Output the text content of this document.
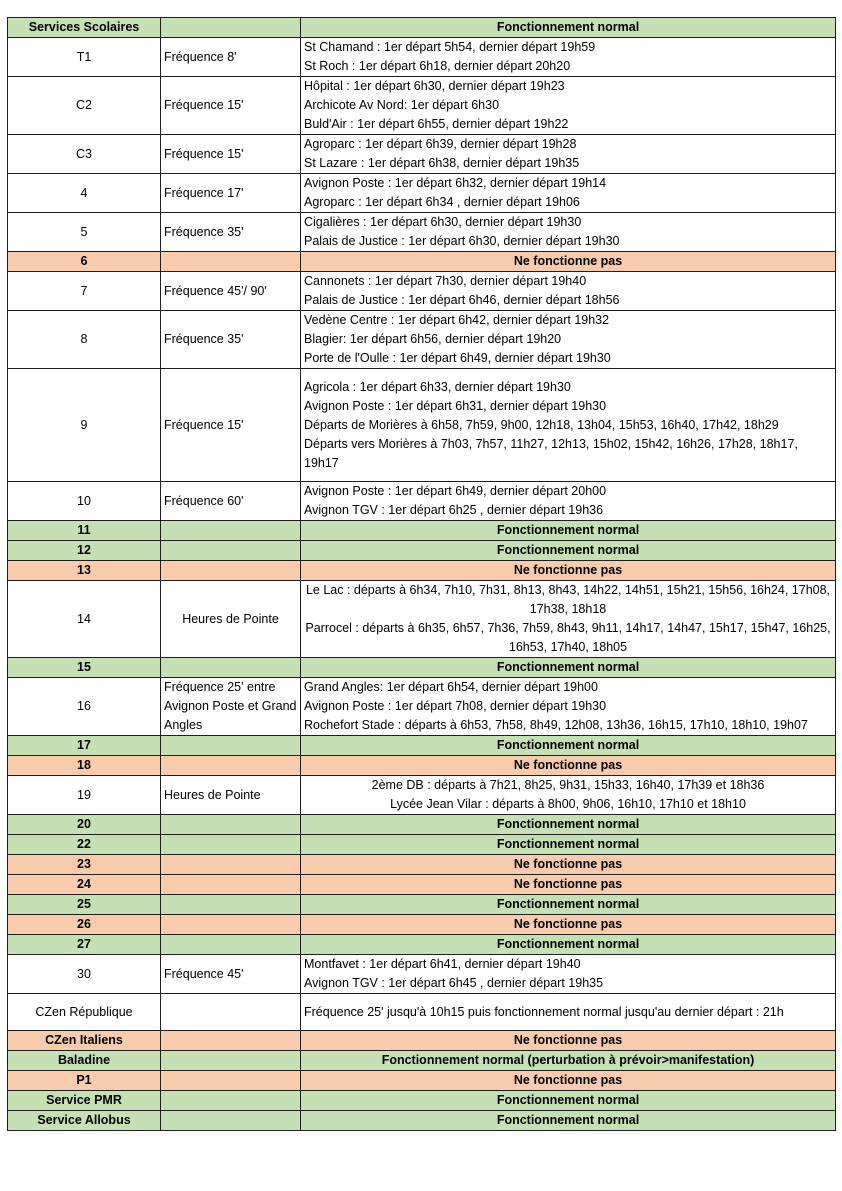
Services Scolaires		Fonctionnement normal
T1	Fréquence 8'	St Chamand : 1er départ 5h54, dernier départ 19h59
St Roch : 1er départ 6h18, dernier départ 20h20

C2	Fréquence 15'	Hôpital : 1er départ 6h30, dernier départ 19h23
Archicote Av Nord: 1er départ 6h30
Buld'Air : 1er départ 6h55, dernier départ 19h22

C3	Fréquence 15'	Agroparc : 1er départ 6h39, dernier départ 19h28
St Lazare : 1er départ 6h38, dernier départ 19h35

4	Fréquence 17'	Avignon Poste : 1er départ 6h32, dernier départ 19h14
Agroparc : 1er départ 6h34 , dernier départ 19h06

5	Fréquence 35'	Cigalières : 1er départ 6h30, dernier départ 19h30
Palais de Justice : 1er départ 6h30, dernier départ 19h30

6		Ne fonctionne pas
7	Fréquence 45'/ 90'	Cannonets : 1er départ 7h30, dernier départ 19h40
Palais de Justice : 1er départ 6h46, dernier départ 18h56

8	Fréquence 35'	Vedène Centre : 1er départ 6h42, dernier départ 19h32
Blagier: 1er départ 6h56, dernier départ 19h20
Porte de l'Oulle : 1er départ 6h49, dernier départ 19h30

9	Fréquence 15'	Agricola : 1er départ 6h33, dernier départ 19h30
Avignon Poste : 1er départ 6h31, dernier départ 19h30
Départs de Morières à 6h58, 7h59, 9h00, 12h18, 13h04, 15h53, 16h40, 17h42, 18h29
Départs vers Morières à 7h03, 7h57, 11h27, 12h13, 15h02, 15h42, 16h26, 17h28, 18h17, 19h17

10	Fréquence 60'	Avignon Poste : 1er départ 6h49, dernier départ 20h00
Avignon TGV : 1er départ 6h25 , dernier départ 19h36

11		Fonctionnement normal
12		Fonctionnement normal
13		Ne fonctionne pas
14	Heures de Pointe	Le Lac : départs à 6h34, 7h10, 7h31, 8h13, 8h43, 14h22, 14h51, 15h21, 15h56, 16h24, 17h08, 17h38, 18h18
Parrocel : départs à 6h35, 6h57, 7h36, 7h59, 8h43, 9h11, 14h17, 14h47, 15h17, 15h47, 16h25, 16h53, 17h40, 18h05

15		Fonctionnement normal
16	Fréquence 25' entre Avignon Poste et Grand Angles	Grand Angles: 1er départ 6h54, dernier départ 19h00
Avignon Poste : 1er départ 7h08, dernier départ 19h30
Rochefort Stade : départs à 6h53, 7h58, 8h49, 12h08, 13h36, 16h15, 17h10, 18h10, 19h07

17		Fonctionnement normal
18		Ne fonctionne pas
19	Heures de Pointe	2ème DB : départs à 7h21, 8h25, 9h31, 15h33, 16h40, 17h39 et 18h36
Lycée Jean Vilar : départs à 8h00, 9h06, 16h10, 17h10 et 18h10

20		Fonctionnement normal
22		Fonctionnement normal
23		Ne fonctionne pas
24		Ne fonctionne pas
25		Fonctionnement normal
26		Ne fonctionne pas
27		Fonctionnement normal
30	Fréquence 45'	Montfavet : 1er départ 6h41, dernier départ 19h40
Avignon TGV : 1er départ 6h45 , dernier départ 19h35

CZen République		Fréquence 25' jusqu'à 10h15 puis fonctionnement normal jusqu'au dernier départ : 21h

CZen Italiens		Ne fonctionne pas
Baladine		Fonctionnement normal (perturbation à prévoir>manifestation)
P1		Ne fonctionne pas
Service PMR		Fonctionnement normal
Service Allobus		Fonctionnement normal
